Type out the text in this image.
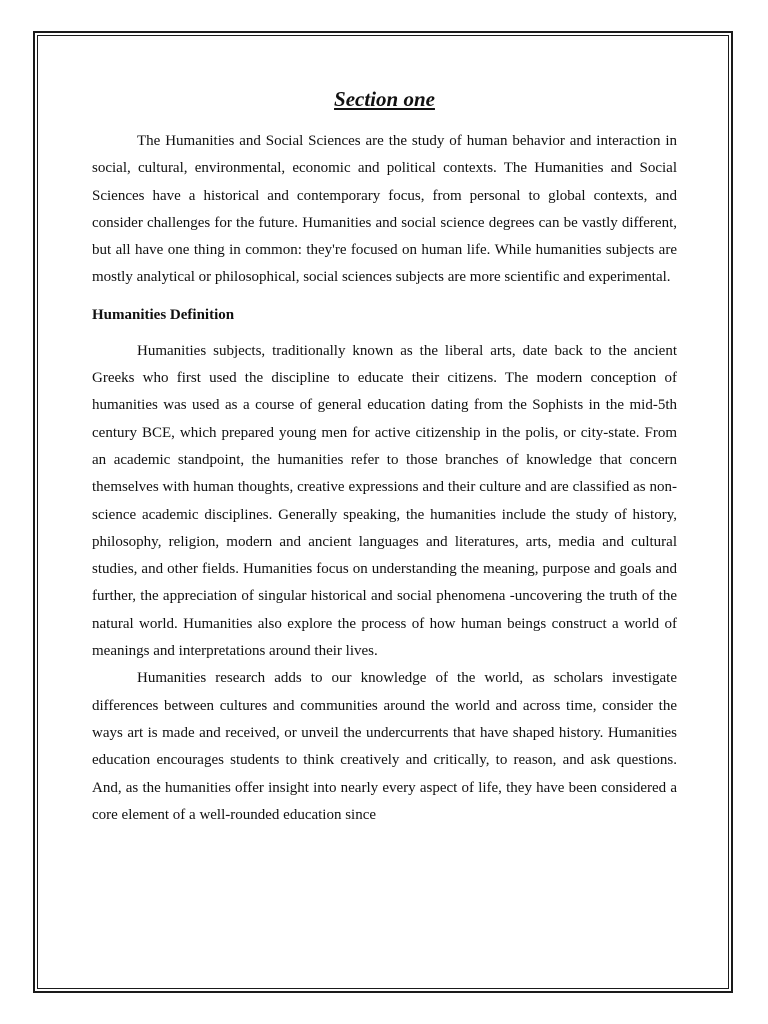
Section one

The Humanities and Social Sciences are the study of human behavior and interaction in social, cultural, environmental, economic and political contexts. The Humanities and Social Sciences have a historical and contemporary focus, from personal to global contexts, and consider challenges for the future. Humanities and social science degrees can be vastly different, but all have one thing in common: they're focused on human life. While humanities subjects are mostly analytical or philosophical, social sciences subjects are more scientific and experimental.

Humanities Definition

Humanities subjects, traditionally known as the liberal arts, date back to the ancient Greeks who first used the discipline to educate their citizens. The modern conception of humanities was used as a course of general education dating from the Sophists in the mid-5th century BCE, which prepared young men for active citizenship in the polis, or city-state. From an academic standpoint, the humanities refer to those branches of knowledge that concern themselves with human thoughts, creative expressions and their culture and are classified as non-science academic disciplines. Generally speaking, the humanities include the study of history, philosophy, religion, modern and ancient languages and literatures, arts, media and cultural studies, and other fields. Humanities focus on understanding the meaning, purpose and goals and further, the appreciation of singular historical and social phenomena -uncovering the truth of the natural world. Humanities also explore the process of how human beings construct a world of meanings and interpretations around their lives.

Humanities research adds to our knowledge of the world, as scholars investigate differences between cultures and communities around the world and across time, consider the ways art is made and received, or unveil the undercurrents that have shaped history. Humanities education encourages students to think creatively and critically, to reason, and ask questions. And, as the humanities offer insight into nearly every aspect of life, they have been considered a core element of a well-rounded education since
